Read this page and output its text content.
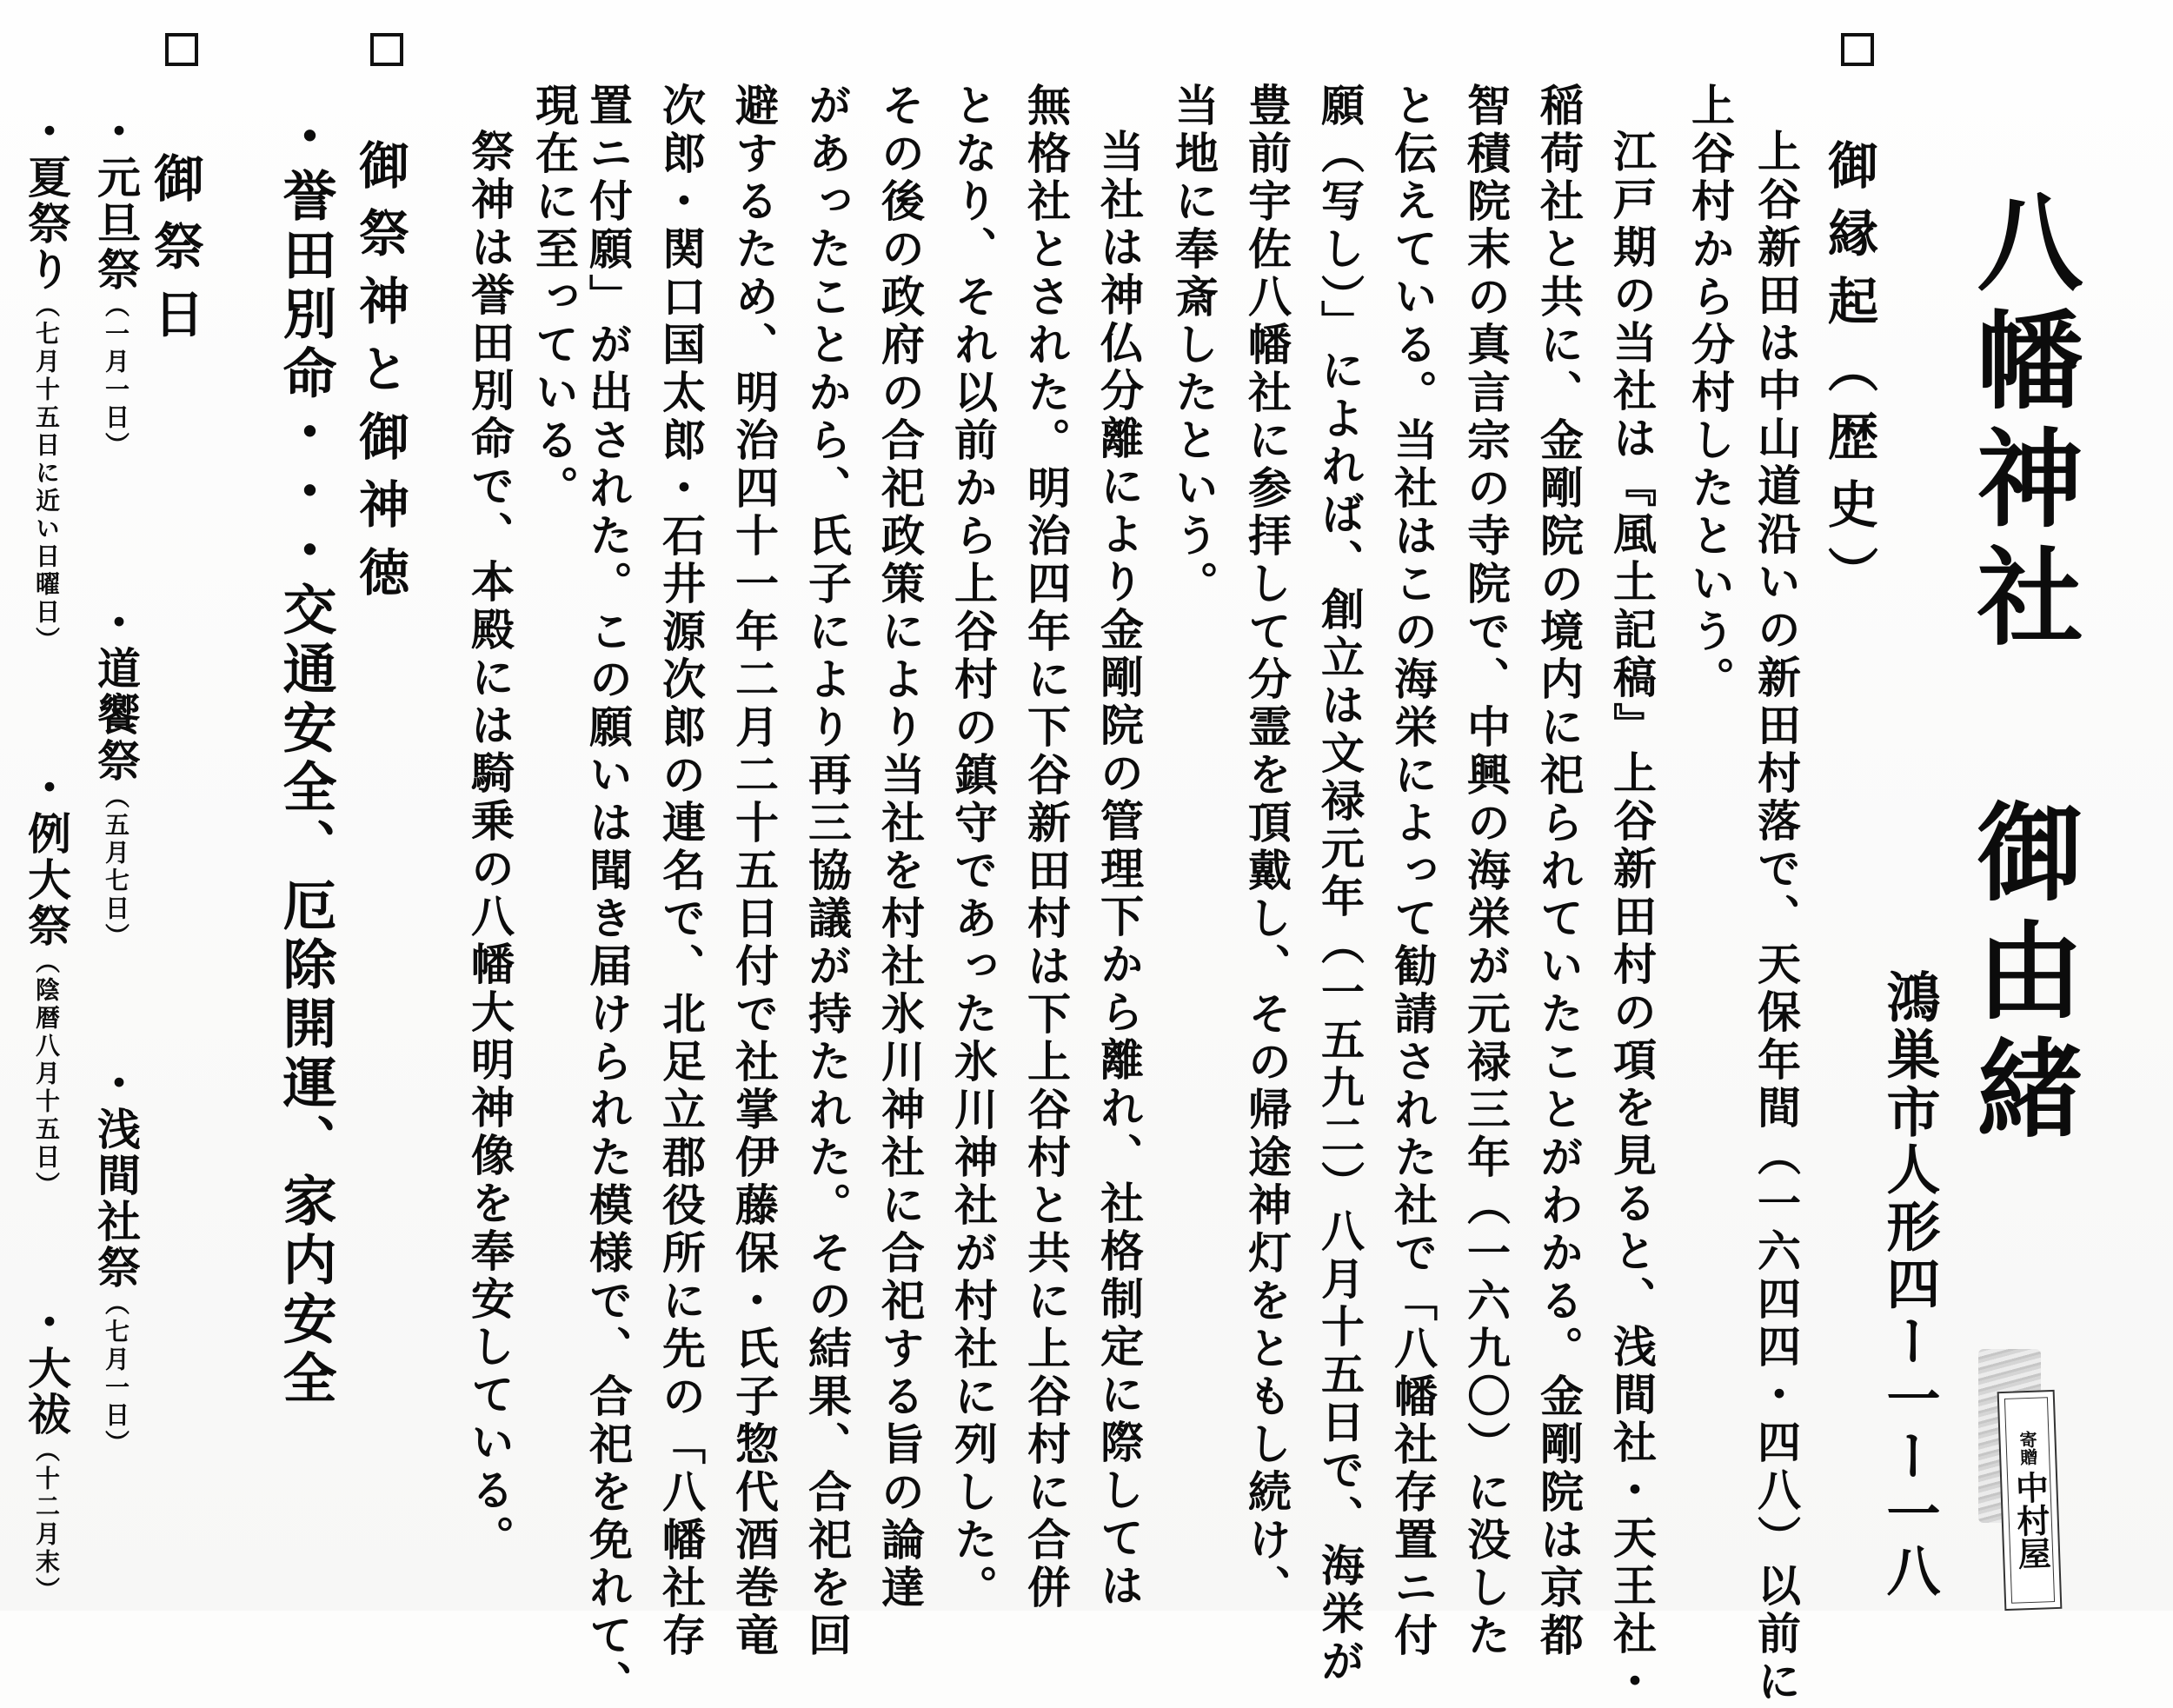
八幡神社 御由緒
鴻巣市人形四ー一ー一八
御縁起（歴史）
上谷新田は中山道沿いの新田村落で、天保年間（一六四四・四八）以前に
上谷村から分村したという。
江戸期の当社は『風土記稿』上谷新田村の項を見ると、浅間社・天王社・
稲荷社と共に、金剛院の境内に祀られていたことがわかる。金剛院は京都
智積院末の真言宗の寺院で、中興の海栄が元禄三年（一六九〇）に没した
と伝えている。当社はこの海栄によって勧請された社で「八幡社存置ニ付
願（写し）」によれば、創立は文禄元年（一五九二）八月十五日で、海栄が
豊前宇佐八幡社に参拝して分霊を頂戴し、その帰途神灯をともし続け、
当地に奉斎したという。
当社は神仏分離により金剛院の管理下から離れ、社格制定に際しては
無格社とされた。明治四年に下谷新田村は下上谷村と共に上谷村に合併
となり、それ以前から上谷村の鎮守であった氷川神社が村社に列した。
その後の政府の合祀政策により当社を村社氷川神社に合祀する旨の論達
があったことから、氏子により再三協議が持たれた。その結果、合祀を回
避するため、明治四十一年二月二十五日付で社掌伊藤保・氏子惣代酒巻竜
次郎・関口国太郎・石井源次郎の連名で、北足立郡役所に先の「八幡社存
置ニ付願」が出された。この願いは聞き届けられた模様で、合祀を免れて、
現在に至っている。
祭神は誉田別命で、本殿には騎乗の八幡大明神像を奉安している。
御祭神と御神徳
・誉田別命・・・交通安全、厄除開運、家内安全
御祭日
・元旦祭（一月一日）
・道饗祭（五月七日）
・浅間社祭（七月一日）
・夏祭り（七月十五日に近い日曜日）
・例大祭（陰暦八月十五日）
・大祓（十二月末）	寄贈
中村屋
